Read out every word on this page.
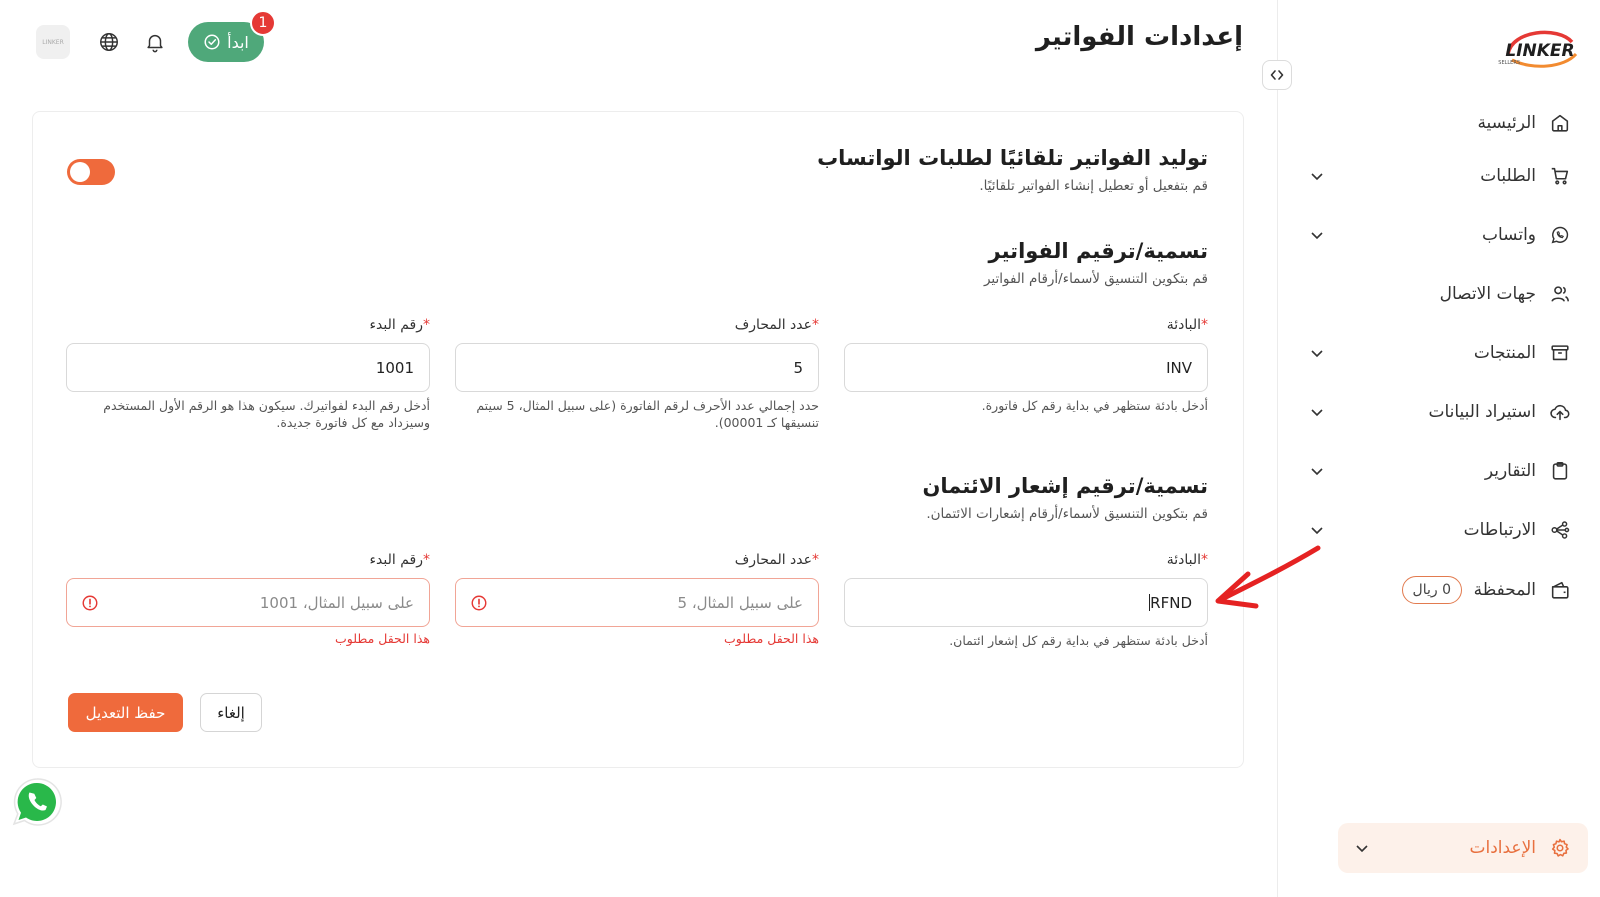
LINKER
SELLERS
الرئيسية
الطلبات
واتساب
جهات الاتصال
المنتجات
استيراد البيانات
التقارير
الارتباطات
المحفظة
0 ريال
الإعدادات
إعدادات الفواتير
LINKER	ابدأ
1
توليد الفواتير تلقائيًا لطلبات الواتساب

قم بتفعيل أو تعطيل إنشاء الفواتير تلقائيًا.

تسمية/ترقيم الفواتير

قم بتكوين التنسيق لأسماء/أرقام الفواتير

*البادئة
INV
أدخل بادئة ستظهر في بداية رقم كل فاتورة.
*عدد المحارف
5
حدد إجمالي عدد الأحرف لرقم الفاتورة (على سبيل المثال، 5 سيتم تنسيقها كـ 00001).
*رقم البدء
1001
أدخل رقم البدء لفواتيرك. سيكون هذا هو الرقم الأول المستخدم وسيزداد مع كل فاتورة جديدة.
تسمية/ترقيم إشعار الائتمان

قم بتكوين التنسيق لأسماء/أرقام إشعارات الائتمان.

*البادئة
RFND
أدخل بادئة ستظهر في بداية رقم كل إشعار ائتمان.
*عدد المحارف
على سبيل المثال، 5
هذا الحقل مطلوب
*رقم البدء
على سبيل المثال، 1001
هذا الحقل مطلوب
حفظ التعديل	إلغاء
